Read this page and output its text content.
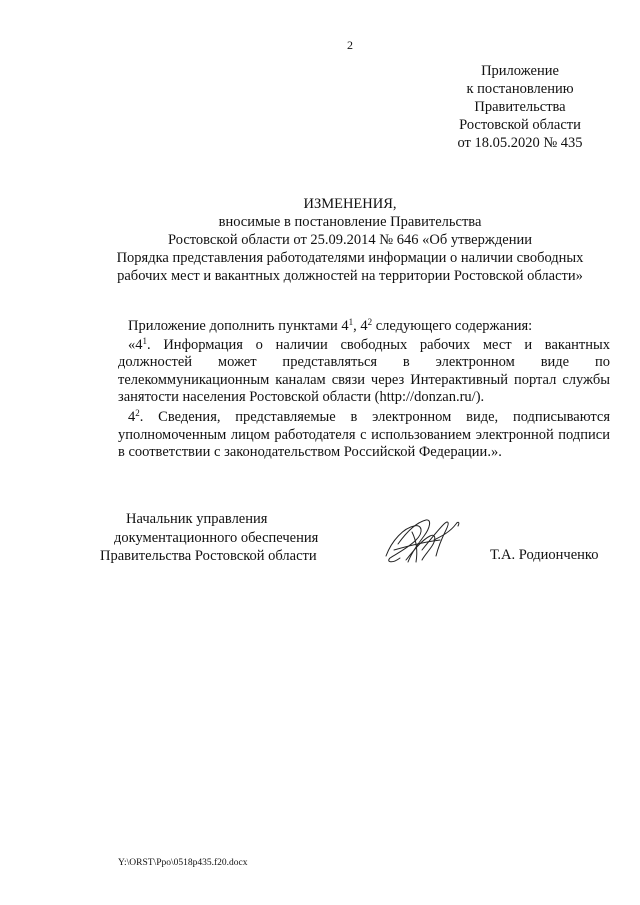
2
Приложение
к постановлению
Правительства
Ростовской области
от 18.05.2020 № 435
ИЗМЕНЕНИЯ,
вносимые в постановление Правительства
Ростовской области от 25.09.2014 № 646 «Об утверждении
Порядка представления работодателями информации о наличии свободных
рабочих мест и вакантных должностей на территории Ростовской области»

Приложение дополнить пунктами $4^1$, $4^2$ следующего содержания:

«$4^1$. Информация о наличии свободных рабочих мест и вакантных должностей может представляться в электронном виде по телекоммуникационным каналам связи через Интерактивный портал службы занятости населения Ростовской области (http://donzan.ru/).

$4^2$. Сведения, представляемые в электронном виде, подписываются уполномоченным лицом работодателя с использованием электронной подписи в соответствии с законодательством Российской Федерации.».

Начальник управления
документационного обеспечения
Правительства Ростовской области	Т.А. Родионченко
Y:\ORST\Ppo\0518p435.f20.docx
